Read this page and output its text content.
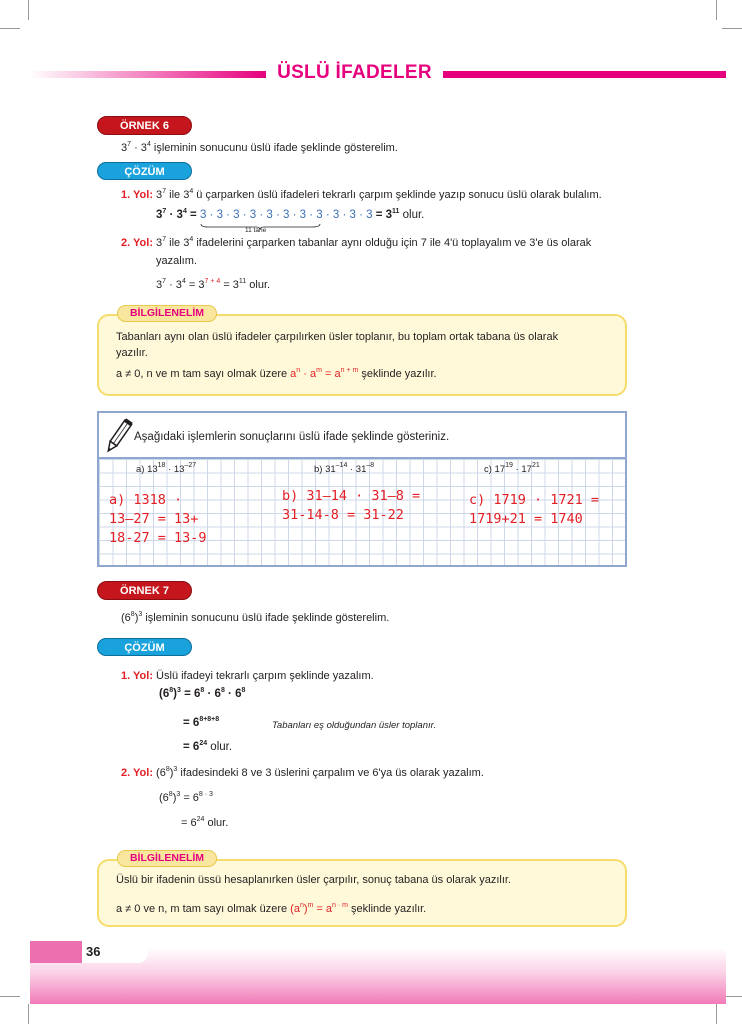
ÜSLÜ İFADELER
ÖRNEK 6
$3^7 \cdot 3^4$ işleminin sonucunu üslü ifade şeklinde gösterelim.
ÇÖZÜM
1. Yol: $3^7$ ile $3^4$ ü çarparken üslü ifadeleri tekrarlı çarpım şeklinde yazıp sonucu üslü olarak bulalım.
$3^7 \cdot 3^4 = 3 \cdot 3 \cdot 3 \cdot 3 \cdot 3 \cdot 3 \cdot 3 \cdot 3 \cdot 3 \cdot 3 \cdot 3$
= $3^{11}$ olur.
11 tane
2. Yol: $3^7$ ile $3^4$ ifadelerini çarparken tabanlar aynı olduğu için 7 ile 4'ü toplayalım ve 3'e üs olarak
yazalım.
$3^7 \cdot 3^4 = 3^{7 + 4} = 3^{11}$ olur.
BİLGİLENELİM
Tabanları aynı olan üslü ifadeler çarpılırken üsler toplanır, bu toplam ortak tabana üs olarak
yazılır.
a ≠ 0, n ve m tam sayı olmak üzere $a^n \cdot a^m = a^{n + m}$ şeklinde yazılır.
Aşağıdaki işlemlerin sonuçlarını üslü ifade şeklinde gösteriniz.
a) $13^{18} \cdot 13^{-27}$	b) $31^{-14} \cdot 31^{-8}$	c) $17^{19} \cdot 17^{21}$
a) 1318 ·
13–27 = 13+
18-27 = 13-9
b) 31–14 · 31–8 =
31-14-8 = 31-22
c) 1719 · 1721 =
1719+21 = 1740
ÖRNEK 7
$(6^8)^3$ işleminin sonucunu üslü ifade şeklinde gösterelim.
ÇÖZÜM
1. Yol: Üslü ifadeyi tekrarlı çarpım şeklinde yazalım.
$(6^8)^3 = 6^8 \cdot 6^8 \cdot 6^8$
= $6^{8+8+8}$
Tabanları eş olduğundan üsler toplanır.
= $6^{24}$ olur.
2. Yol: $(6^8)^3$ ifadesindeki 8 ve 3 üslerini çarpalım ve 6'ya üs olarak yazalım.
$(6^8)^3 = 6^{8 \cdot 3}$
= $6^{24}$ olur.
BİLGİLENELİM
Üslü bir ifadenin üssü hesaplanırken üsler çarpılır, sonuç tabana üs olarak yazılır.
a ≠ 0 ve n, m tam sayı olmak üzere $(a^n)^m = a^{n \cdot m}$ şeklinde yazılır.
36
